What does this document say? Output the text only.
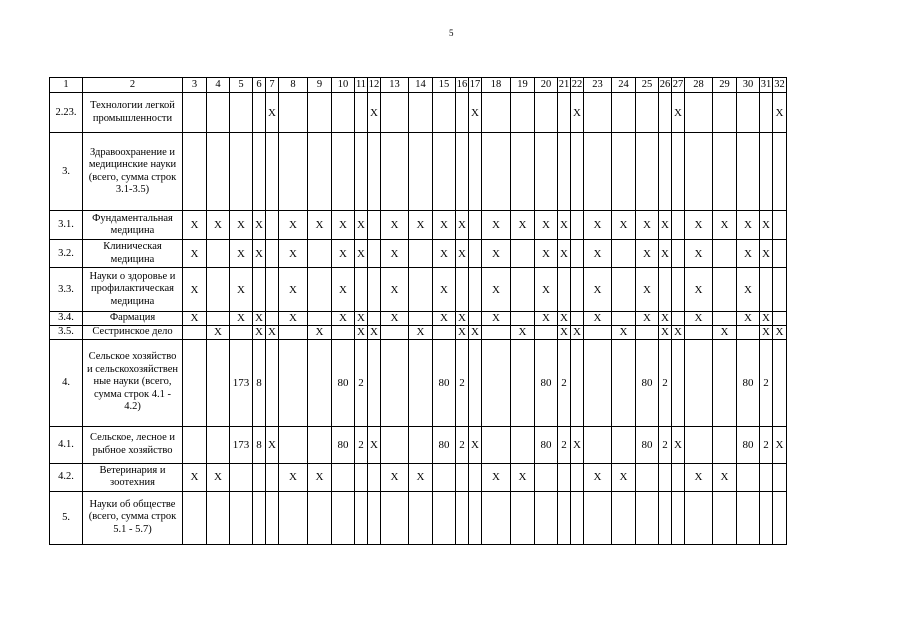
5
1	2	3	4	5	6	7	8	9	10	11	12	13	14	15	16	17	18	19	20	21	22	23	24	25	26	27	28	29	30	31	32
2.23.	Технологии легкой промышленности					X					X					X					X					X					X
3.	Здравоохранение и медицинские науки (всего, сумма строк 3.1-3.5)																														
3.1.	Фундаментальная медицина	X	X	X	X		X	X	X	X		X	X	X	X		X	X	X	X		X	X	X	X		X	X	X	X	
3.2.	Клиническая медицина	X		X	X		X		X	X		X		X	X		X		X	X		X		X	X		X		X	X	
3.3.	Науки о здоровье и профилактическая медицина	X		X			X		X			X		X			X		X			X		X			X		X		
3.4.	Фармация	X		X	X		X		X	X		X		X	X		X		X	X		X		X	X		X		X	X	
3.5.	Сестринское дело		X		X	X		X		X	X		X		X	X		X		X	X		X		X	X		X		X	X
4.	Сельское хозяйство и сельскохозяйствен ные науки (всего, сумма строк 4.1 - 4.2)			173	8				80	2				80	2				80	2				80	2				80	2	
4.1.	Сельское, лесное и рыбное хозяйство			173	8	X			80	2	X			80	2	X			80	2	X			80	2	X			80	2	X
4.2.	Ветеринария и зоотехния	X	X				X	X				X	X				X	X				X	X				X	X			
5.	Науки об обществе (всего, сумма строк 5.1 - 5.7)																														
